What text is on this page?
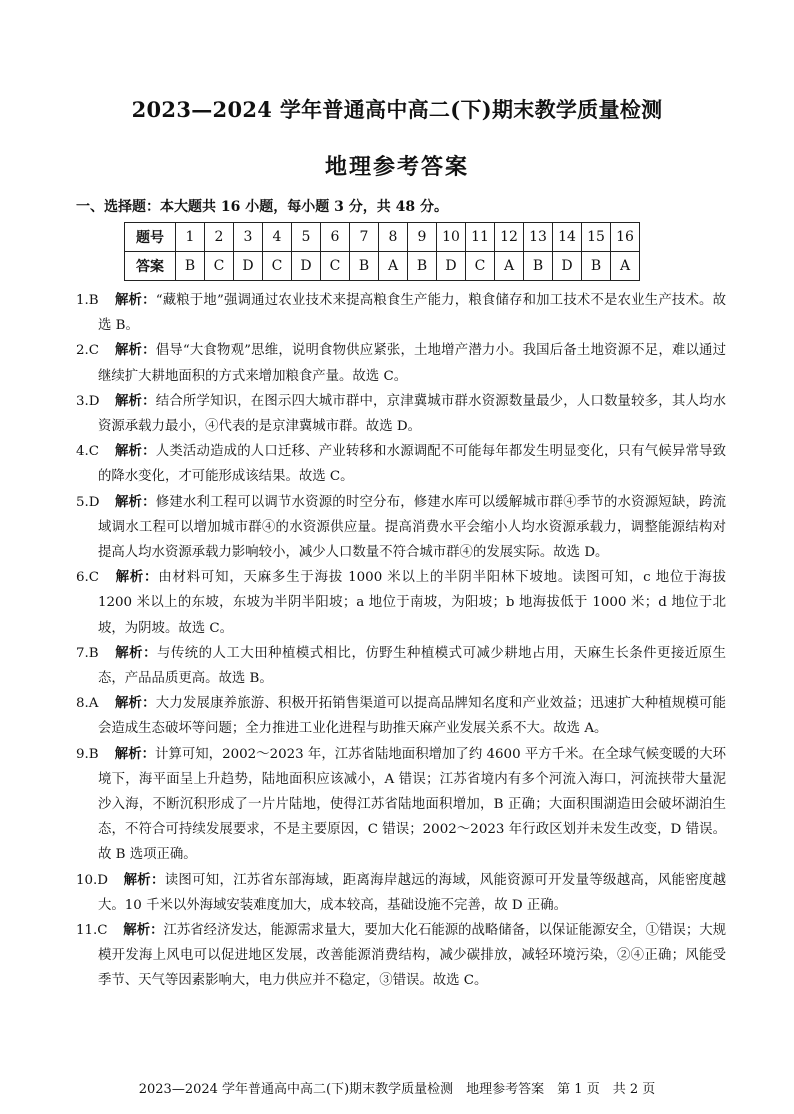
2023—2024 学年普通高中高二(下)期末教学质量检测
地理参考答案
一、选择题：本大题共 16 小题，每小题 3 分，共 48 分。
题号	1	2	3	4	5	6	7	8	9	10	11	12	13	14	15	16
答案	B	C	D	C	D	C	B	A	B	D	C	A	B	D	B	A

1.B 解析：“藏粮于地”强调通过农业技术来提高粮食生产能力，粮食储存和加工技术不是农业生产技术。故选 B。

2.C 解析：倡导“大食物观”思维，说明食物供应紧张，土地增产潜力小。我国后备土地资源不足，难以通过继续扩大耕地面积的方式来增加粮食产量。故选 C。

3.D 解析：结合所学知识，在图示四大城市群中，京津冀城市群水资源数量最少，人口数量较多，其人均水资源承载力最小，④代表的是京津冀城市群。故选 D。

4.C 解析：人类活动造成的人口迁移、产业转移和水源调配不可能每年都发生明显变化，只有气候异常导致的降水变化，才可能形成该结果。故选 C。

5.D 解析：修建水利工程可以调节水资源的时空分布，修建水库可以缓解城市群④季节的水资源短缺，跨流域调水工程可以增加城市群④的水资源供应量。提高消费水平会缩小人均水资源承载力，调整能源结构对提高人均水资源承载力影响较小，减少人口数量不符合城市群④的发展实际。故选 D。

6.C 解析：由材料可知，天麻多生于海拔 1000 米以上的半阴半阳林下坡地。读图可知，c 地位于海拔 1200 米以上的东坡，东坡为半阴半阳坡；a 地位于南坡，为阳坡；b 地海拔低于 1000 米；d 地位于北坡，为阴坡。故选 C。

7.B 解析：与传统的人工大田种植模式相比，仿野生种植模式可减少耕地占用，天麻生长条件更接近原生态，产品品质更高。故选 B。

8.A 解析：大力发展康养旅游、积极开拓销售渠道可以提高品牌知名度和产业效益；迅速扩大种植规模可能会造成生态破坏等问题；全力推进工业化进程与助推天麻产业发展关系不大。故选 A。

9.B 解析：计算可知，2002～2023 年，江苏省陆地面积增加了约 4600 平方千米。在全球气候变暖的大环境下，海平面呈上升趋势，陆地面积应该减小，A 错误；江苏省境内有多个河流入海口，河流挟带大量泥沙入海，不断沉积形成了一片片陆地，使得江苏省陆地面积增加，B 正确；大面积围湖造田会破坏湖泊生态，不符合可持续发展要求，不是主要原因，C 错误；2002～2023 年行政区划并未发生改变，D 错误。故 B 选项正确。

10.D 解析：读图可知，江苏省东部海域，距离海岸越远的海域，风能资源可开发量等级越高，风能密度越大。10 千米以外海域安装难度加大，成本较高，基础设施不完善，故 D 正确。

11.C 解析：江苏省经济发达，能源需求量大，要加大化石能源的战略储备，以保证能源安全，①错误；大规模开发海上风电可以促进地区发展，改善能源消费结构，减少碳排放，减轻环境污染，②④正确；风能受季节、天气等因素影响大，电力供应并不稳定，③错误。故选 C。

2023—2024 学年普通高中高二(下)期末教学质量检测　地理参考答案　第 1 页　共 2 页
